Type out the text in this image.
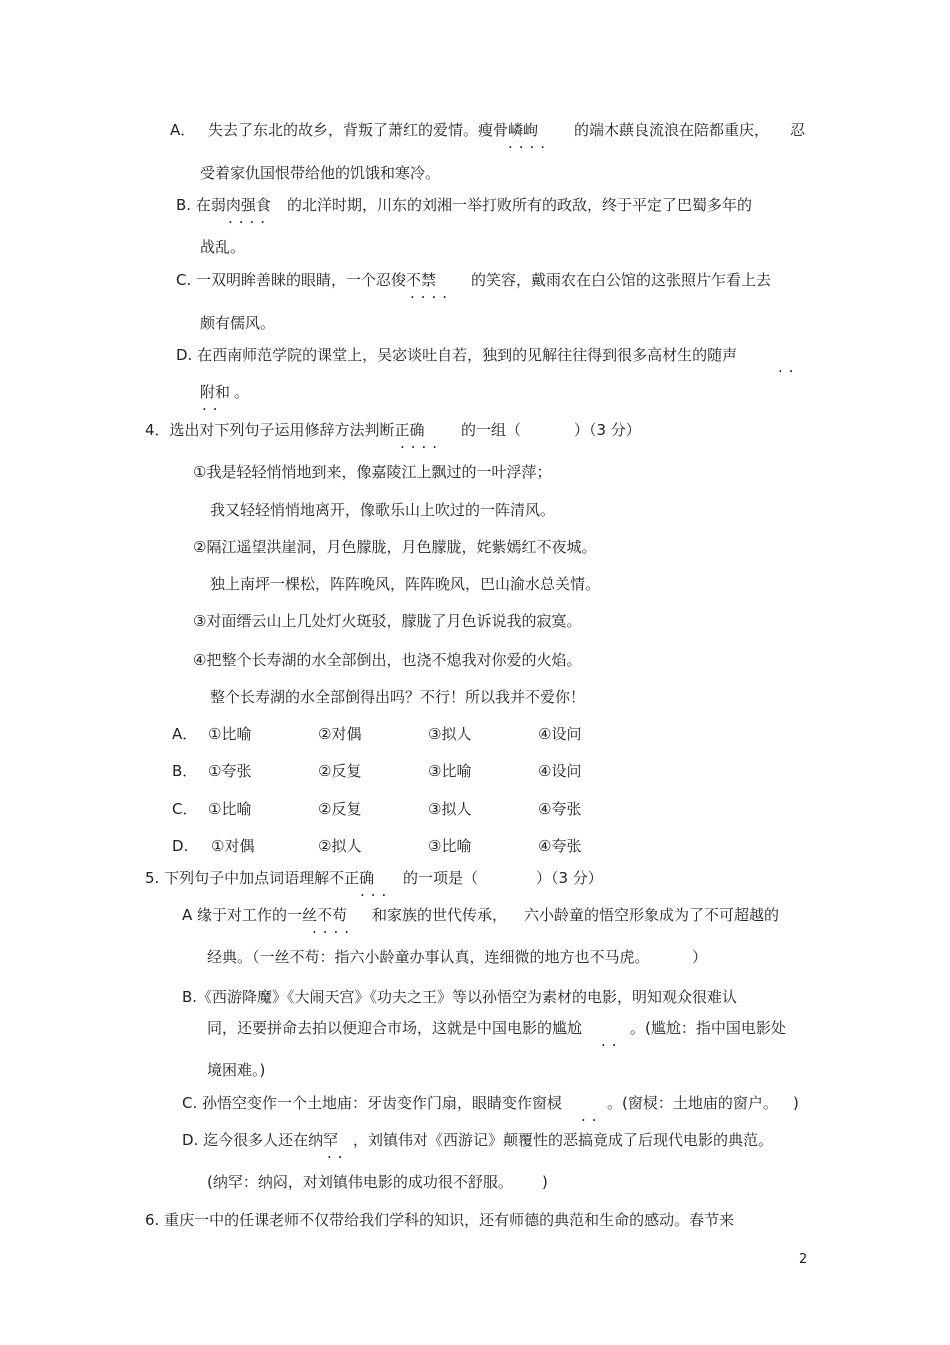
A． 失去了东北的故乡，背叛了萧红的爱情。瘦骨嶙峋
....
的端木蕻良流浪在陪都重庆， 忍
受着家仇国恨带给他的饥饿和寒冷。
B. 在弱肉强食
....
的北洋时期，川东的刘湘一举打败所有的政敌，终于平定了巴蜀多年的
战乱。
C. 一双明眸善睐的眼睛，一个忍俊不禁
....
的笑容，戴雨农在白公馆的这张照片乍看上去
颇有儒风。
D. 在西南师范学院的课堂上，吴宓谈吐自若，独到的见解往往得到很多高材生的随声
..
附和 。
..
4．选出对下列句子运用修辞方法判断正确
....
的一组（	）（3 分）
①我是轻轻悄悄地到来，像嘉陵江上飘过的一叶浮萍；
我又轻轻悄悄地离开，像歌乐山上吹过的一阵清风。
②隔江遥望洪崖洞，月色朦胧，月色朦胧，姹紫嫣红不夜城。
独上南坪一棵松，阵阵晚风，阵阵晚风，巴山渝水总关情。
③对面缙云山上几处灯火斑驳，朦胧了月色诉说我的寂寞。
④把整个长寿湖的水全部倒出，也浇不熄我对你爱的火焰。
整个长寿湖的水全部倒得出吗？不行！所以我并不爱你！
A． ①比喻	②对偶	③拟人	④设问
B． ①夸张	②反复	③比喻	④设问
C． ①比喻	②反复	③拟人	④夸张
D. ①对偶	②拟人	③比喻	④夸张
5. 下列句子中加点词语理解不正确
...
的一项是（	）（3 分）
A 缘于对工作的一丝不苟
....
和家族的世代传承， 六小龄童的悟空形象成为了不可超越的
经典。（一丝不苟：指六小龄童办事认真，连细微的地方也不马虎。	）
B.《西游降魔》《大闹天宫》《功夫之王》等以孙悟空为素材的电影，明知观众很难认
同，还要拼命去拍以便迎合市场，这就是中国电影的尴尬
..
。(尴尬：指中国电影处
境困难。)
C. 孙悟空变作一个土地庙：牙齿变作门扇，眼睛变作窗棂
..
。(窗棂：土地庙的窗户。 )
D. 迄今很多人还在纳罕
..
，刘镇伟对《西游记》颠覆性的恶搞竟成了后现代电影的典范。
(纳罕：纳闷，对刘镇伟电影的成功很不舒服。 )
6. 重庆一中的任课老师不仅带给我们学科的知识，还有师德的典范和生命的感动。春节来
2
